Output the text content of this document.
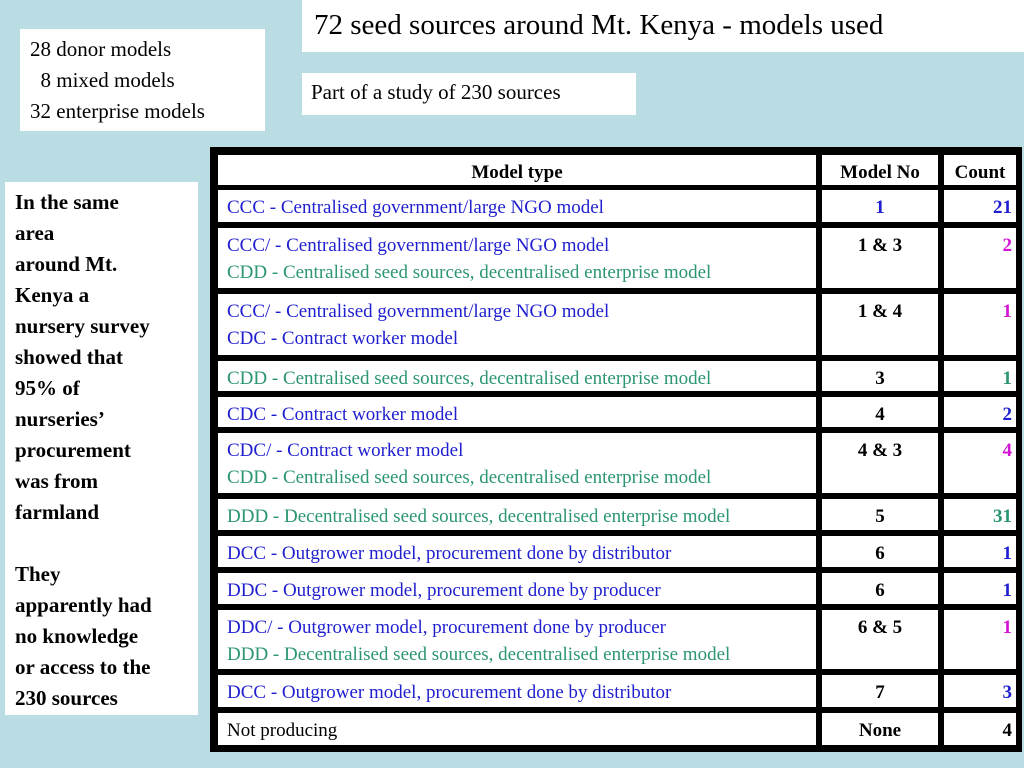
72 seed sources around Mt. Kenya - models used
28 donor models
8 mixed models
32 enterprise models
Part of a study of 230 sources
In the same
area
around Mt.
Kenya a
nursery survey
showed that
95% of
nurseries’
procurement
was from
farmland
They
apparently had
no knowledge
or access to the
230 sources
Model type	Model No	Count
CCC - Centralised government/large NGO model	1	21
CCC/ - Centralised government/large NGO model
CDD - Centralised seed sources, decentralised enterprise model
1 & 3	2
CCC/ - Centralised government/large NGO model
CDC - Contract worker model
1 & 4	1
CDD - Centralised seed sources, decentralised enterprise model	3	1
CDC - Contract worker model	4	2
CDC/ - Contract worker model
CDD - Centralised seed sources, decentralised enterprise model
4 & 3	4
DDD - Decentralised seed sources, decentralised enterprise model	5	31
DCC - Outgrower model, procurement done by distributor	6	1
DDC - Outgrower model, procurement done by producer	6	1
DDC/ - Outgrower model, procurement done by producer
DDD - Decentralised seed sources, decentralised enterprise model
6 & 5	1
DCC - Outgrower model, procurement done by distributor	7	3
Not producing	None	4
